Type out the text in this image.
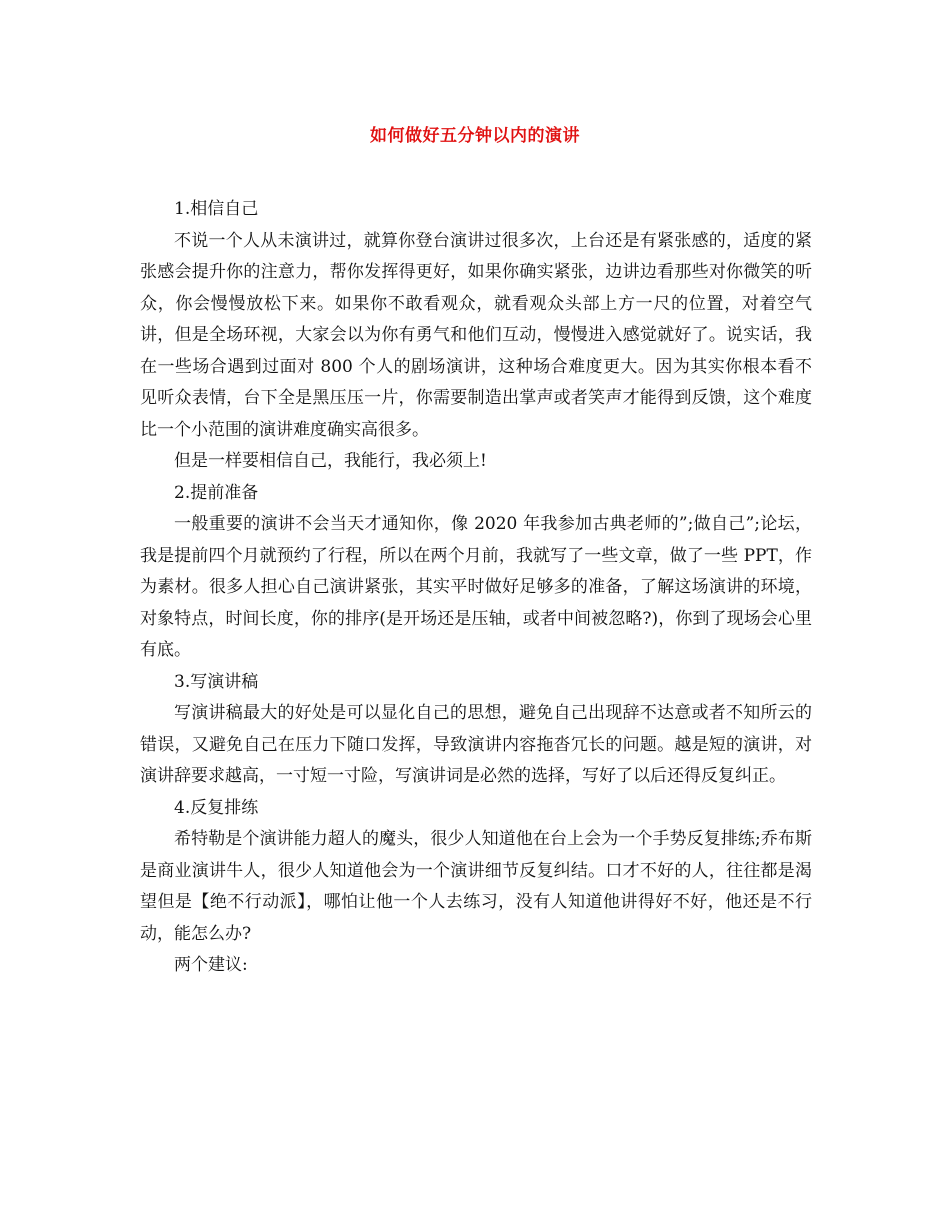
如何做好五分钟以内的演讲

1.相信自己

不说一个人从未演讲过，就算你登台演讲过很多次，上台还是有紧张感的，适度的紧张感会提升你的注意力，帮你发挥得更好，如果你确实紧张，边讲边看那些对你微笑的听众，你会慢慢放松下来。如果你不敢看观众，就看观众头部上方一尺的位置，对着空气讲，但是全场环视，大家会以为你有勇气和他们互动，慢慢进入感觉就好了。说实话，我在一些场合遇到过面对 800 个人的剧场演讲，这种场合难度更大。因为其实你根本看不见听众表情，台下全是黑压压一片，你需要制造出掌声或者笑声才能得到反馈，这个难度比一个小范围的演讲难度确实高很多。

但是一样要相信自己，我能行，我必须上!

2.提前准备

一般重要的演讲不会当天才通知你，像 2020 年我参加古典老师的”;做自己”;论坛，我是提前四个月就预约了行程，所以在两个月前，我就写了一些文章，做了一些 PPT，作为素材。很多人担心自己演讲紧张，其实平时做好足够多的准备，了解这场演讲的环境，对象特点，时间长度，你的排序(是开场还是压轴，或者中间被忽略?)，你到了现场会心里有底。

3.写演讲稿

写演讲稿最大的好处是可以显化自己的思想，避免自己出现辞不达意或者不知所云的错误，又避免自己在压力下随口发挥，导致演讲内容拖沓冗长的问题。越是短的演讲，对演讲辞要求越高，一寸短一寸险，写演讲词是必然的选择，写好了以后还得反复纠正。

4.反复排练

希特勒是个演讲能力超人的魔头，很少人知道他在台上会为一个手势反复排练;乔布斯是商业演讲牛人，很少人知道他会为一个演讲细节反复纠结。口才不好的人，往往都是渴望但是【绝不行动派】，哪怕让他一个人去练习，没有人知道他讲得好不好，他还是不行动，能怎么办?

两个建议:
